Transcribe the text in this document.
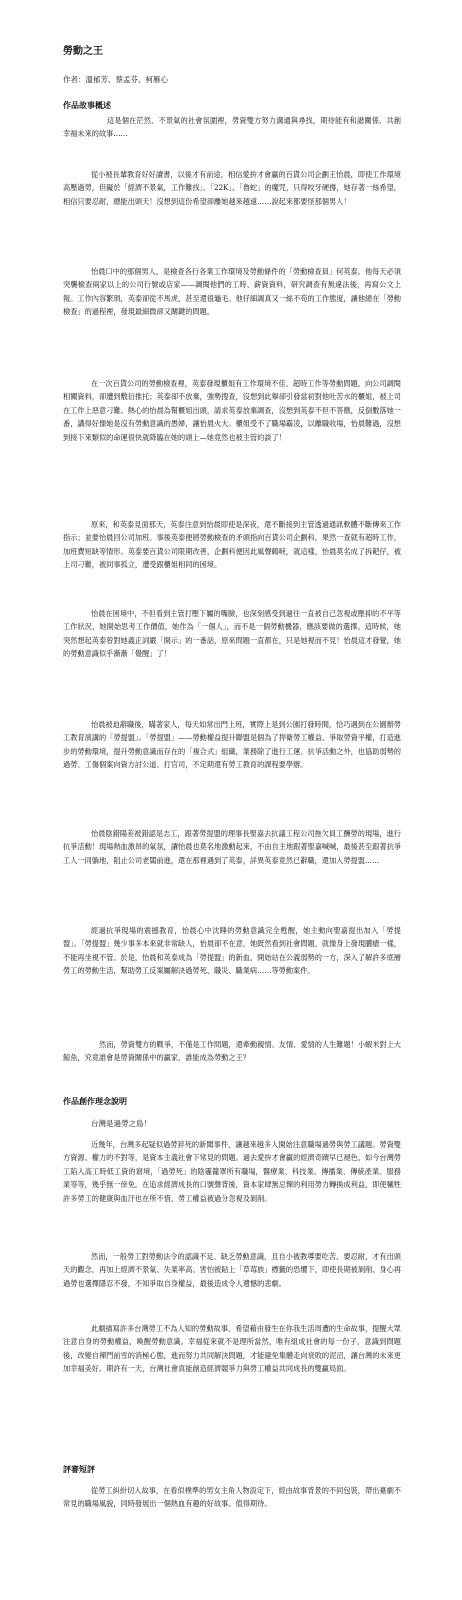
勞動之王
作者：溫郁芳、蔡孟芬、柯雁心
作品故事概述
這是個在茫然、不景氣的社會氛圍裡，勞資雙方努力溝通與尋找，期待能有和諧關係、共創幸福未來的故事……
從小被長輩教育好好讀書，以後才有前途，相信愛拚才會贏的百貨公司企劃王怡晨，即使工作環境高壓過勞，但礙於「經濟不景氣，工作難找」、「22K」、「魯蛇」的魔咒，只得咬牙硬撐，她存著一絲希望，相信只要忍耐，總能出頭天！沒想到這份希望卻離她越來越遠……說起來都要怪那個男人！
怡晨口中的那個男人，是檢查各行各業工作環境及勞動條件的「勞動檢查員」何英泰。他每天必須突襲檢查兩家以上的公司行號或店家——調閱他們的工時、薪資資料，研究調查有無違法後，再寫公文上報。工作內容繁瑣，英泰卻從不馬虎，甚至還很龜毛。他仔細調真又一絲不苟的工作態度，讓他總在「勞動檢查」的過程裡，發現最細微卻又關鍵的問題。
在一次百貨公司的勞動檢查裡，英泰發現櫃姐有工作環境不佳、超時工作等勞動問題，向公司調閱相關資料，卻遭到敷衍推托；英泰卻不放棄，強勢搜查，沒想到此舉卻引發當初對他吐苦水的櫃姐，被上司在工作上惡意刁難。熱心的怡晨為幫櫃姐出頭，請求英泰放棄調查，沒想到英泰不但不答應，反倒數落她一番，講得好像她是沒有勞動意識的愚婦，讓怡晨火大。櫃姐受不了職場霸凌，以離職收場，怡晨難過，沒想到接下來類似的命運很快就降臨在她的頭上—她竟然也被主管約談了！
原來，和英泰見面那天，英泰注意到怡晨即使是深夜，還不斷接到主管透過通訊軟體不斷傳來工作指示；並要怡晨回公司加班。事後英泰便將勞動檢查的矛頭指向百貨公司企劃科，果然一查就有超時工作，加班費短缺等情形。英泰要百貨公司限期改善，企劃科便因此風聲鶴唳，就這樣，怡晨莫名成了拆耙仔，被上司刁難，被同事孤立，遭受跟櫃姐相同的困境。
怡晨在困境中，不但看到主管打壓下屬的嘴臉，也深刻感受到過往一直被自己忽視或壓抑的不平等工作狀況，她開始思考工作價值，她作為「一個人」，而不是一個勞動機器，應該要做的選擇。這時候，她突然想起英泰曾對她義正詞嚴「開示」的一番話，原來問題一直都在，只是她視而不見！怡晨這才發覺，她的勞動意識似乎漸漸「覺醒」了！
怡晨被迫辭職後，瞞著家人，每天如常出門上班，實際上是到公園打發時間，恰巧遇到在公園辦勞工教育演講的「勞提盟」。「勞提盟」——勞動權益提升聯盟是個為了捍衛勞工權益、爭取勞資平權，打造進步的勞動環境，提升勞動意識而存在的「複合式」組織，業務除了進行工運、抗爭活動之外，也協助弱勢的過勞、工傷個案向資方討公道、打官司，不定期還有勞工教育的課程要學辦。
怡晨陰錯陽差被錯認是志工，跟著勞提盟的理事長聖嘉去抗議工程公司拖欠員工酬勞的現場，進行抗爭活動！現場熱血激昂的氣氛，讓怡晨也莫名地激動起來，不由自主地跟著聖嘉喊喊，最後甚至跟著抗爭工人一同躺地，阻止公司老闆前進，還在那裡遇到了英泰，詳異英泰竟然已辭職，還加入勞提盟……
經過抗爭現場的震撼教育，怡晨心中沈睡的勞動意識完全甦醒，她主動向聖嘉提出加入「勞提盟」。「勞提盟」幾少事多本來就非常缺人，怡晨卻不在意，她既然看到社會問題，就像身上發現膿瘡一樣，不能再坐視不管。於是，怡晨和英泰成為「勞提盟」的新血，開始站在公義弱勢的一方，深入了解許多底層勞工的勞動生活，幫助勞工反案屬解決過勞死、職災、職業病……等勞動案件。
然而，勞資雙方的戰爭，不僅是工作問題，還牽動親情、友情、愛情的人生難題！小蝦米對上大鯨魚，究竟誰會是勞資關係中的贏家，誰能成為勞動之王？
作品創作理念說明
台灣是過勞之島！
近幾年，台灣多起疑似過勞猝死的新聞事件，讓越來越多人開始注意職場過勞與勞工議題。勞資雙方資源、權力的不對等，是資本主義社會下常見的問題。過去愛拚才會贏的經濟奇蹟早已褪色，如今台灣勞工陷入高工時低工資的窘境，「過勞死」的陰霾籠罩所有職場，醫療業、科技業、傳播業、傳統產業、服務業等等，幾乎無一倖免。在追求經濟成長的口號聲背後，資本家肆無忌憚的利用勞力轉換成利益，即使犧牲許多勞工的健康與血汗也在所不惜，勞工權益被過分忽視及剝削。
然而，一般勞工對勞動法令的認識不足、缺乏勞動意識，且自小被教導要吃苦、要忍耐，才有出頭天的觀念，再加上經濟不景氣、失業率高、害怕被貼上「草莓族」標籤的恐懼下，即使長期被剝削、身心再過勞也選擇隱忍不發，不知爭取自身權益，最後造成令人遺憾的悲劇。
此劇描寫許多台灣勞工不為人知的勞動故事，希望藉由發生在你我生活周遭的生命故事，提醒大眾注意自身的勞動權益，喚醒勞動意識。幸福從來就不是理所當然，唯有組成社會的每一份子，意識到問題後，改變自禪門前雪的消極心態，進而努力共同解決問題，才能避免集體走向衰敗的泥沼，讓台灣的未來更加幸福美好。期許有一天，台灣社會真能創造經濟競爭力與勞工權益共同成長的雙贏局面。
評審短評
從勞工糾紛切入故事，在看似樸準的男女主角人物設定下，經由故事背景的不同包裝，帶出臺劇不常見的職場風貌，同時發展出一個熱血有趣的好故事。值得期待。
